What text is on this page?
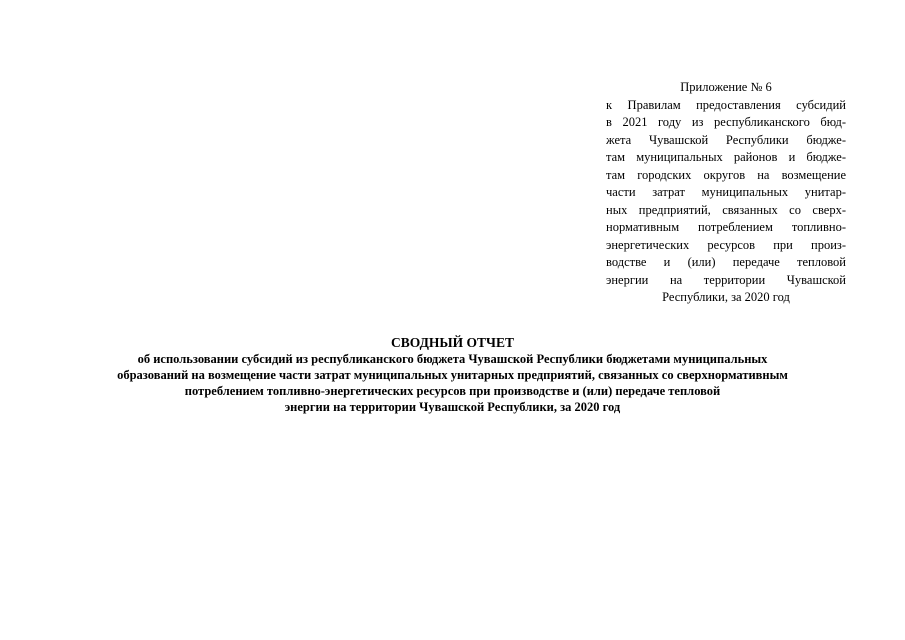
Приложение № 6
к Правилам предоставления субсидий
в 2021 году из республиканского бюд-
жета Чувашской Республики бюдже-
там муниципальных районов и бюдже-
там городских округов на возмещение
части затрат муниципальных унитар-
ных предприятий, связанных со сверх-
нормативным потреблением топливно-
энергетических ресурсов при произ-
водстве и (или) передаче тепловой
энергии на территории Чувашской
Республики, за 2020 год
СВОДНЫЙ ОТЧЕТ
об использовании субсидий из республиканского бюджета Чувашской Республики бюджетами муниципальных
образований на возмещение части затрат муниципальных унитарных предприятий, связанных со сверхнормативным
потреблением топливно-энергетических ресурсов при производстве и (или) передаче тепловой
энергии на территории Чувашской Республики, за 2020 год
